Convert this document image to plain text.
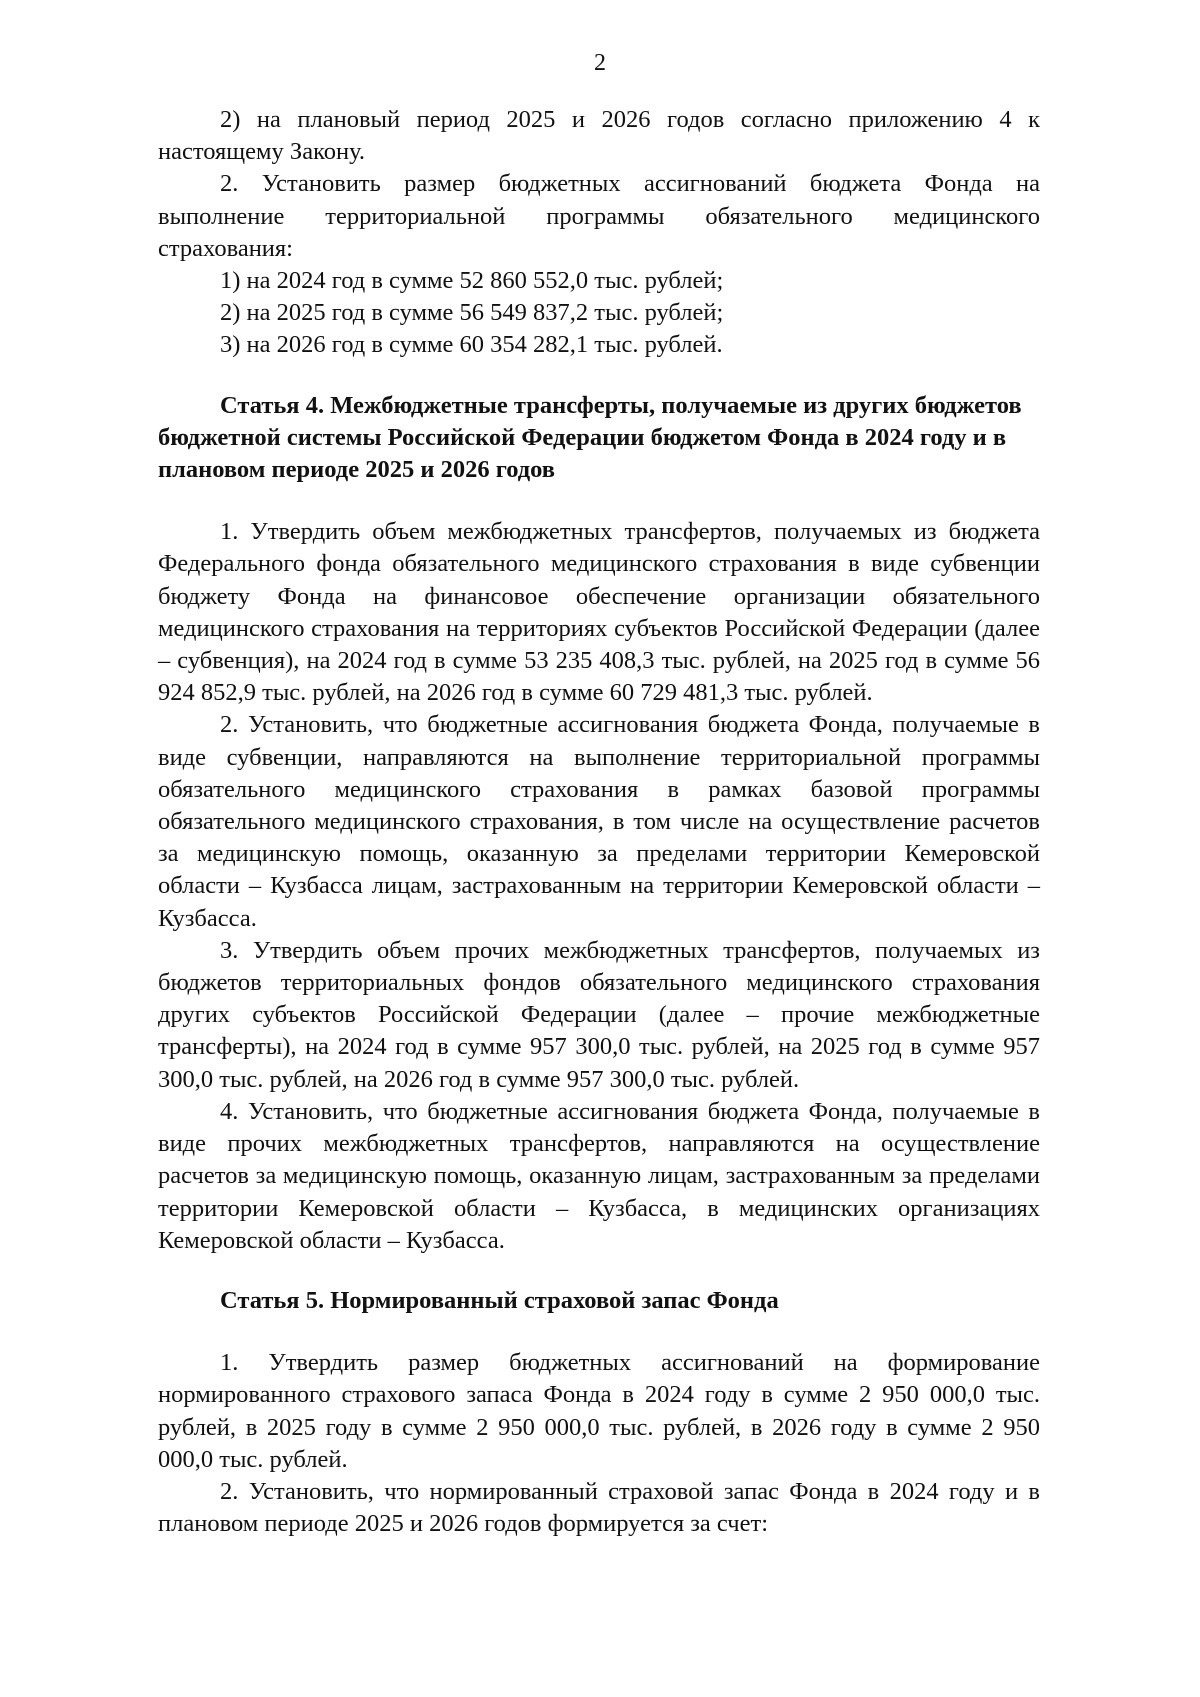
2

2) на плановый период 2025 и 2026 годов согласно приложению 4 к настоящему Закону.

2. Установить размер бюджетных ассигнований бюджета Фонда на выполнение территориальной программы обязательного медицинского страхования:

1) на 2024 год в сумме 52 860 552,0 тыс. рублей;

2) на 2025 год в сумме 56 549 837,2 тыс. рублей;

3) на 2026 год в сумме 60 354 282,1 тыс. рублей.

Статья 4. Межбюджетные трансферты, получаемые из других бюджетов бюджетной системы Российской Федерации бюджетом Фонда в 2024 году и в плановом периоде 2025 и 2026 годов

1. Утвердить объем межбюджетных трансфертов, получаемых из бюджета Федерального фонда обязательного медицинского страхования в виде субвенции бюджету Фонда на финансовое обеспечение организации обязательного медицинского страхования на территориях субъектов Российской Федерации (далее – субвенция), на 2024 год в сумме 53 235 408,3 тыс. рублей, на 2025 год в сумме 56 924 852,9 тыс. рублей, на 2026 год в сумме 60 729 481,3 тыс. рублей.

2. Установить, что бюджетные ассигнования бюджета Фонда, получаемые в виде субвенции, направляются на выполнение территориальной программы обязательного медицинского страхования в рамках базовой программы обязательного медицинского страхования, в том числе на осуществление расчетов за медицинскую помощь, оказанную за пределами территории Кемеровской области – Кузбасса лицам, застрахованным на территории Кемеровской области – Кузбасса.

3. Утвердить объем прочих межбюджетных трансфертов, получаемых из бюджетов территориальных фондов обязательного медицинского страхования других субъектов Российской Федерации (далее – прочие межбюджетные трансферты), на 2024 год в сумме 957 300,0 тыс. рублей, на 2025 год в сумме 957 300,0 тыс. рублей, на 2026 год в сумме 957 300,0 тыс. рублей.

4. Установить, что бюджетные ассигнования бюджета Фонда, получаемые в виде прочих межбюджетных трансфертов, направляются на осуществление расчетов за медицинскую помощь, оказанную лицам, застрахованным за пределами территории Кемеровской области – Кузбасса, в медицинских организациях Кемеровской области – Кузбасса.

Статья 5. Нормированный страховой запас Фонда

1. Утвердить размер бюджетных ассигнований на формирование нормированного страхового запаса Фонда в 2024 году в сумме 2 950 000,0 тыс. рублей, в 2025 году в сумме 2 950 000,0 тыс. рублей, в 2026 году в сумме 2 950 000,0 тыс. рублей.

2. Установить, что нормированный страховой запас Фонда в 2024 году и в плановом периоде 2025 и 2026 годов формируется за счет:
